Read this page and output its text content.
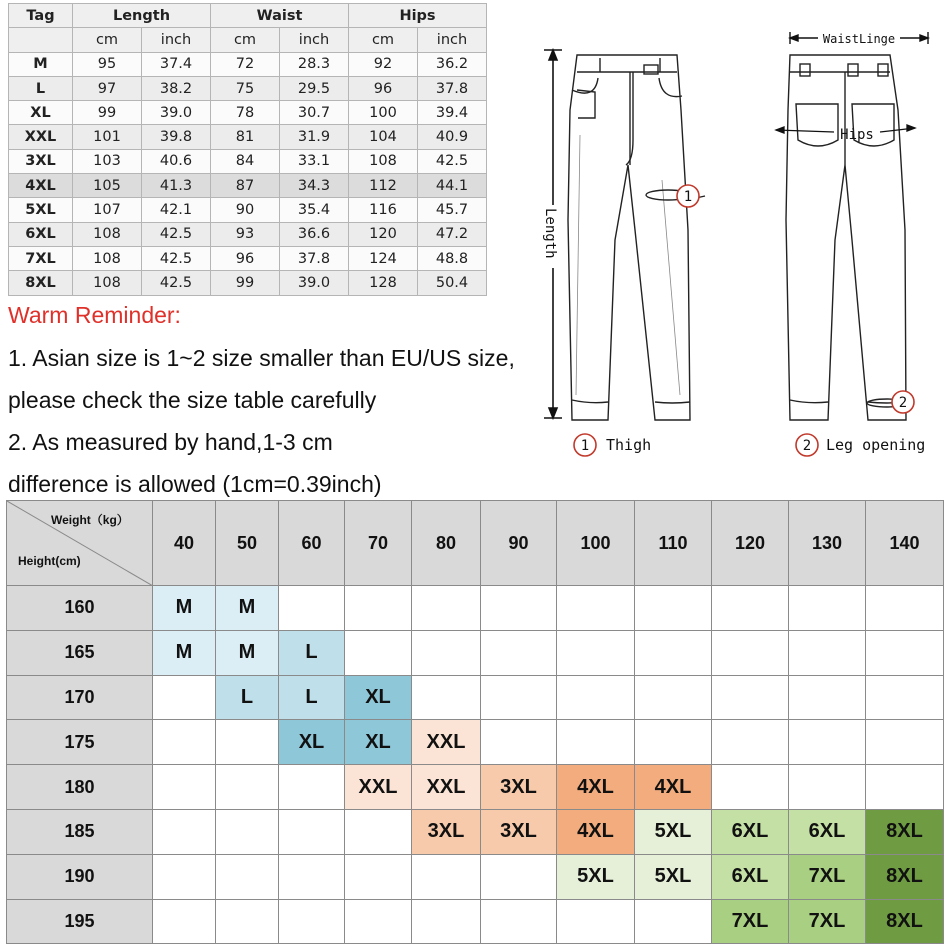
Tag	Length		Waist		Hips	
	cm	inch	cm	inch	cm	inch
M	95	37.4	72	28.3	92	36.2
L	97	38.2	75	29.5	96	37.8
XL	99	39.0	78	30.7	100	39.4
XXL	101	39.8	81	31.9	104	40.9
3XL	103	40.6	84	33.1	108	42.5
4XL	105	41.3	87	34.3	112	44.1
5XL	107	42.1	90	35.4	116	45.7
6XL	108	42.5	93	36.6	120	47.2
7XL	108	42.5	96	37.8	124	48.8
8XL	108	42.5	99	39.0	128	50.4
Warm Reminder:
1. Asian size is 1~2 size smaller than EU/US size,
please check the size table carefully
2. As measured by hand,1-3 cm
difference is allowed (1cm=0.39inch)
Length
1
WaistLinge
Hips
2
1 Thigh	2 Leg opening
Weight（kg）
Height(cm)	40	50	60	70	80	90	100	110	120	130	140
160	M	M									
165	M	M	L								
170		L	L	XL							
175			XL	XL	XXL						
180				XXL	XXL	3XL	4XL	4XL			
185					3XL	3XL	4XL	5XL	6XL	6XL	8XL
190							5XL	5XL	6XL	7XL	8XL
195									7XL	7XL	8XL
